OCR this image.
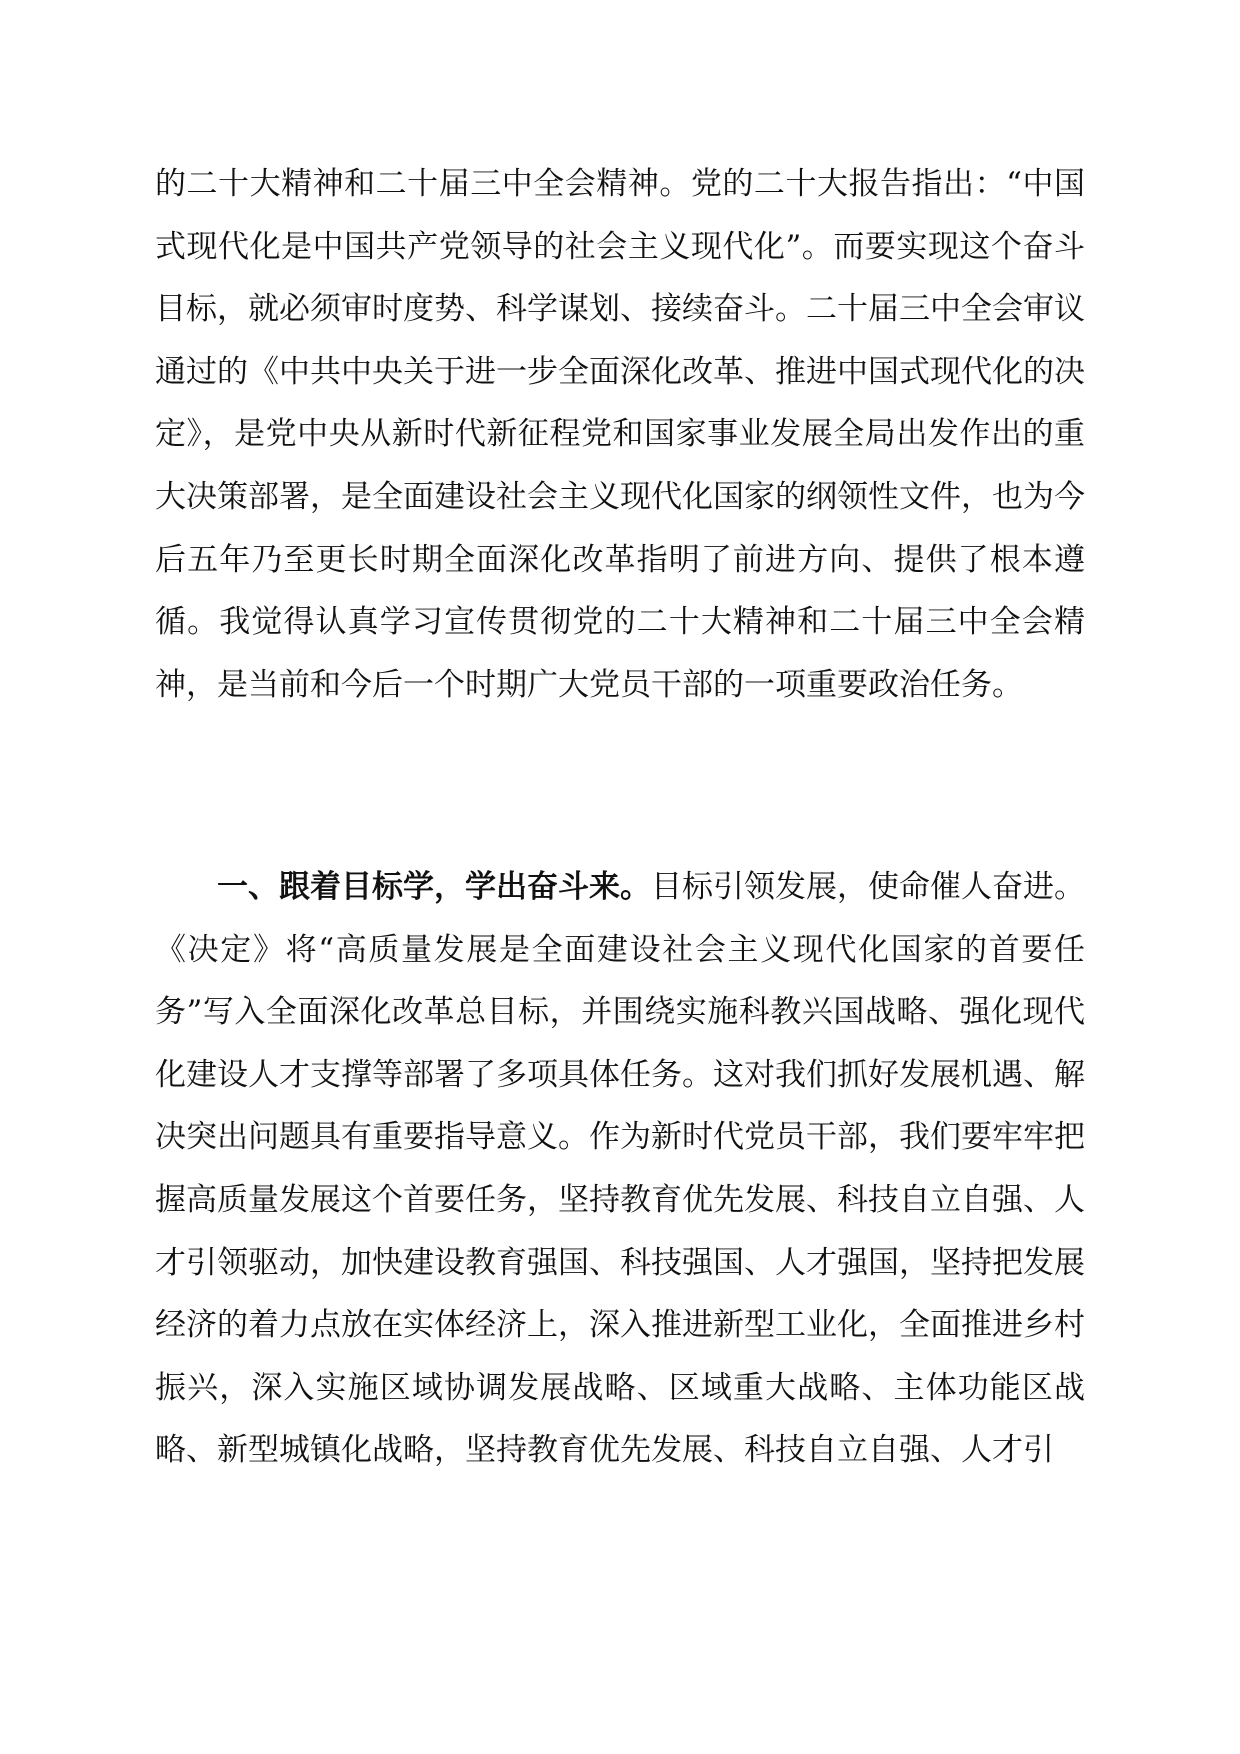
的二十大精神和二十届三中全会精神。党的二十大报告指出：“中国式现代化是中国共产党领导的社会主义现代化”。而要实现这个奋斗目标，就必须审时度势、科学谋划、接续奋斗。二十届三中全会审议通过的《中共中央关于进一步全面深化改革、推进中国式现代化的决定》，是党中央从新时代新征程党和国家事业发展全局出发作出的重大决策部署，是全面建设社会主义现代化国家的纲领性文件，也为今后五年乃至更长时期全面深化改革指明了前进方向、提供了根本遵循。我觉得认真学习宣传贯彻党的二十大精神和二十届三中全会精神，是当前和今后一个时期广大党员干部的一项重要政治任务。

一、跟着目标学，学出奋斗来。目标引领发展，使命催人奋进。《决定》将“高质量发展是全面建设社会主义现代化国家的首要任务”写入全面深化改革总目标，并围绕实施科教兴国战略、强化现代化建设人才支撑等部署了多项具体任务。这对我们抓好发展机遇、解决突出问题具有重要指导意义。作为新时代党员干部，我们要牢牢把握高质量发展这个首要任务，坚持教育优先发展、科技自立自强、人才引领驱动，加快建设教育强国、科技强国、人才强国，坚持把发展经济的着力点放在实体经济上，深入推进新型工业化，全面推进乡村振兴，深入实施区域协调发展战略、区域重大战略、主体功能区战略、新型城镇化战略，坚持教育优先发展、科技自立自强、人才引
